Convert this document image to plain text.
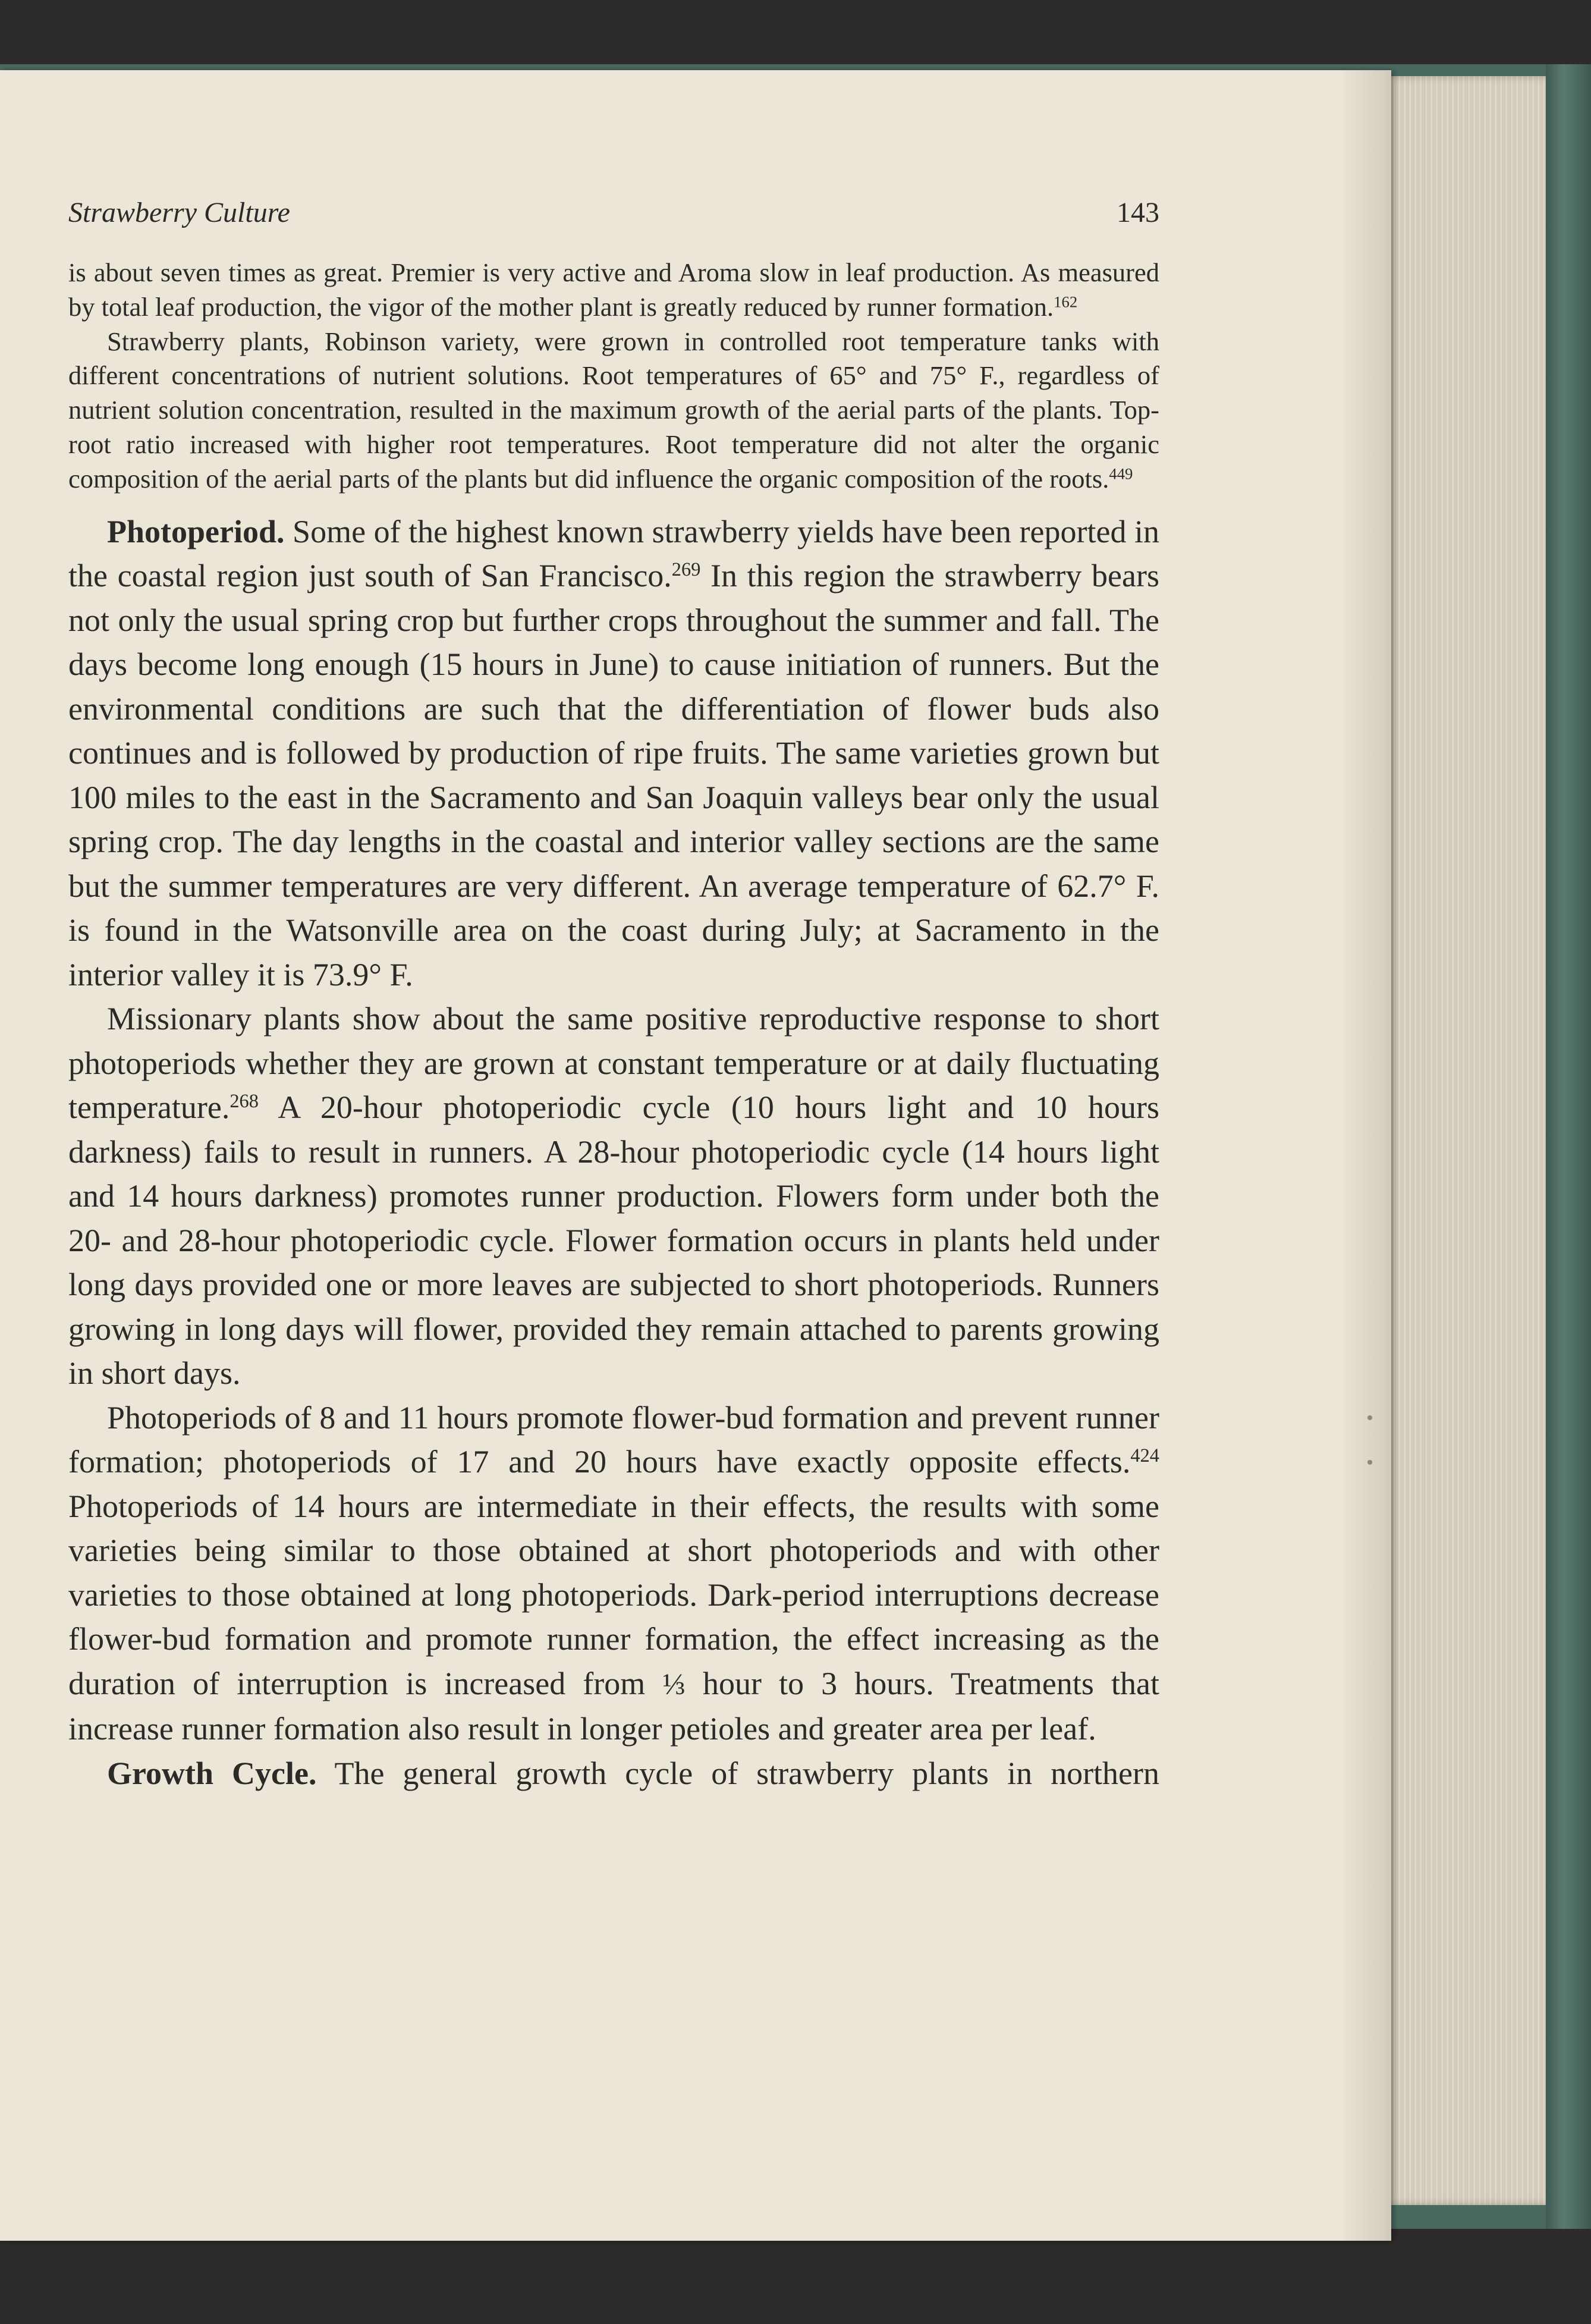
Strawberry Culture	143

is about seven times as great. Premier is very active and Aroma slow in leaf production. As measured by total leaf production, the vigor of the mother plant is greatly reduced by runner formation.$^{162}$

Strawberry plants, Robinson variety, were grown in controlled root temperature tanks with different concentrations of nutrient solutions. Root temperatures of 65° and 75° F., regardless of nutrient solution concentration, resulted in the maximum growth of the aerial parts of the plants. Top-root ratio increased with higher root temperatures. Root temperature did not alter the organic composition of the aerial parts of the plants but did influence the organic composition of the roots.$^{449}$

Photoperiod. Some of the highest known strawberry yields have been reported in the coastal region just south of San Francisco.$^{269}$ In this region the strawberry bears not only the usual spring crop but further crops throughout the summer and fall. The days become long enough (15 hours in June) to cause initiation of runners. But the environmental conditions are such that the differentiation of flower buds also continues and is followed by production of ripe fruits. The same varieties grown but 100 miles to the east in the Sacramento and San Joaquin valleys bear only the usual spring crop. The day lengths in the coastal and interior valley sections are the same but the summer temperatures are very different. An average temperature of 62.7° F. is found in the Watsonville area on the coast during July; at Sacramento in the interior valley it is 73.9° F.

Missionary plants show about the same positive reproductive response to short photoperiods whether they are grown at constant temperature or at daily fluctuating temperature.$^{268}$ A 20-hour photoperiodic cycle (10 hours light and 10 hours darkness) fails to result in runners. A 28-hour photoperiodic cycle (14 hours light and 14 hours darkness) promotes runner production. Flowers form under both the 20- and 28-hour photoperiodic cycle. Flower formation occurs in plants held under long days provided one or more leaves are subjected to short photoperiods. Runners growing in long days will flower, provided they remain attached to parents growing in short days.

Photoperiods of 8 and 11 hours promote flower-bud formation and prevent runner formation; photoperiods of 17 and 20 hours have exactly opposite effects.$^{424}$ Photoperiods of 14 hours are intermediate in their effects, the results with some varieties being similar to those obtained at short photoperiods and with other varieties to those obtained at long photoperiods. Dark-period interruptions decrease flower-bud formation and promote runner formation, the effect increasing as the duration of interruption is increased from ⅓ hour to 3 hours. Treatments that increase runner formation also result in longer petioles and greater area per leaf.

Growth Cycle. The general growth cycle of strawberry plants in northern
